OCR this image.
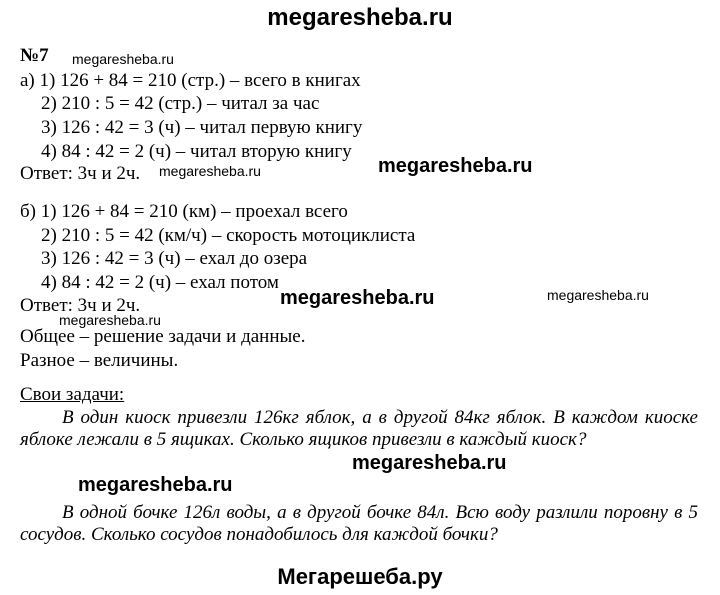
megaresheba.ru
№7 megaresheba.ru
а) 1) 126 + 84 = 210 (стр.) – всего в книгах
2) 210 : 5 = 42 (стр.) – читал за час
3) 126 : 42 = 3 (ч) – читал первую книгу
4) 84 : 42 = 2 (ч) – читал вторую книгу
Ответ: 3ч и 2ч. megaresheba.ru	megaresheba.ru
б) 1) 126 + 84 = 210 (км) – проехал всего
2) 210 : 5 = 42 (км/ч) – скорость мотоциклиста
3) 126 : 42 = 3 (ч) – ехал до озера
4) 84 : 42 = 2 (ч) – ехал потом
Ответ: 3ч и 2ч.	megaresheba.ru	megaresheba.ru
megaresheba.ru
Общее – решение задачи и данные.
Разное – величины.
Свои задачи:
В один киоск привезли 126кг яблок, а в другой 84кг яблок. В каждом киоске яблоке лежали в 5 ящиках. Сколько ящиков привезли в каждый киоск?
megaresheba.ru
megaresheba.ru
В одной бочке 126л воды, а в другой бочке 84л. Всю воду разлили поровну в 5 сосудов. Сколько сосудов понадобилось для каждой бочки?
Мегарешеба.ру
